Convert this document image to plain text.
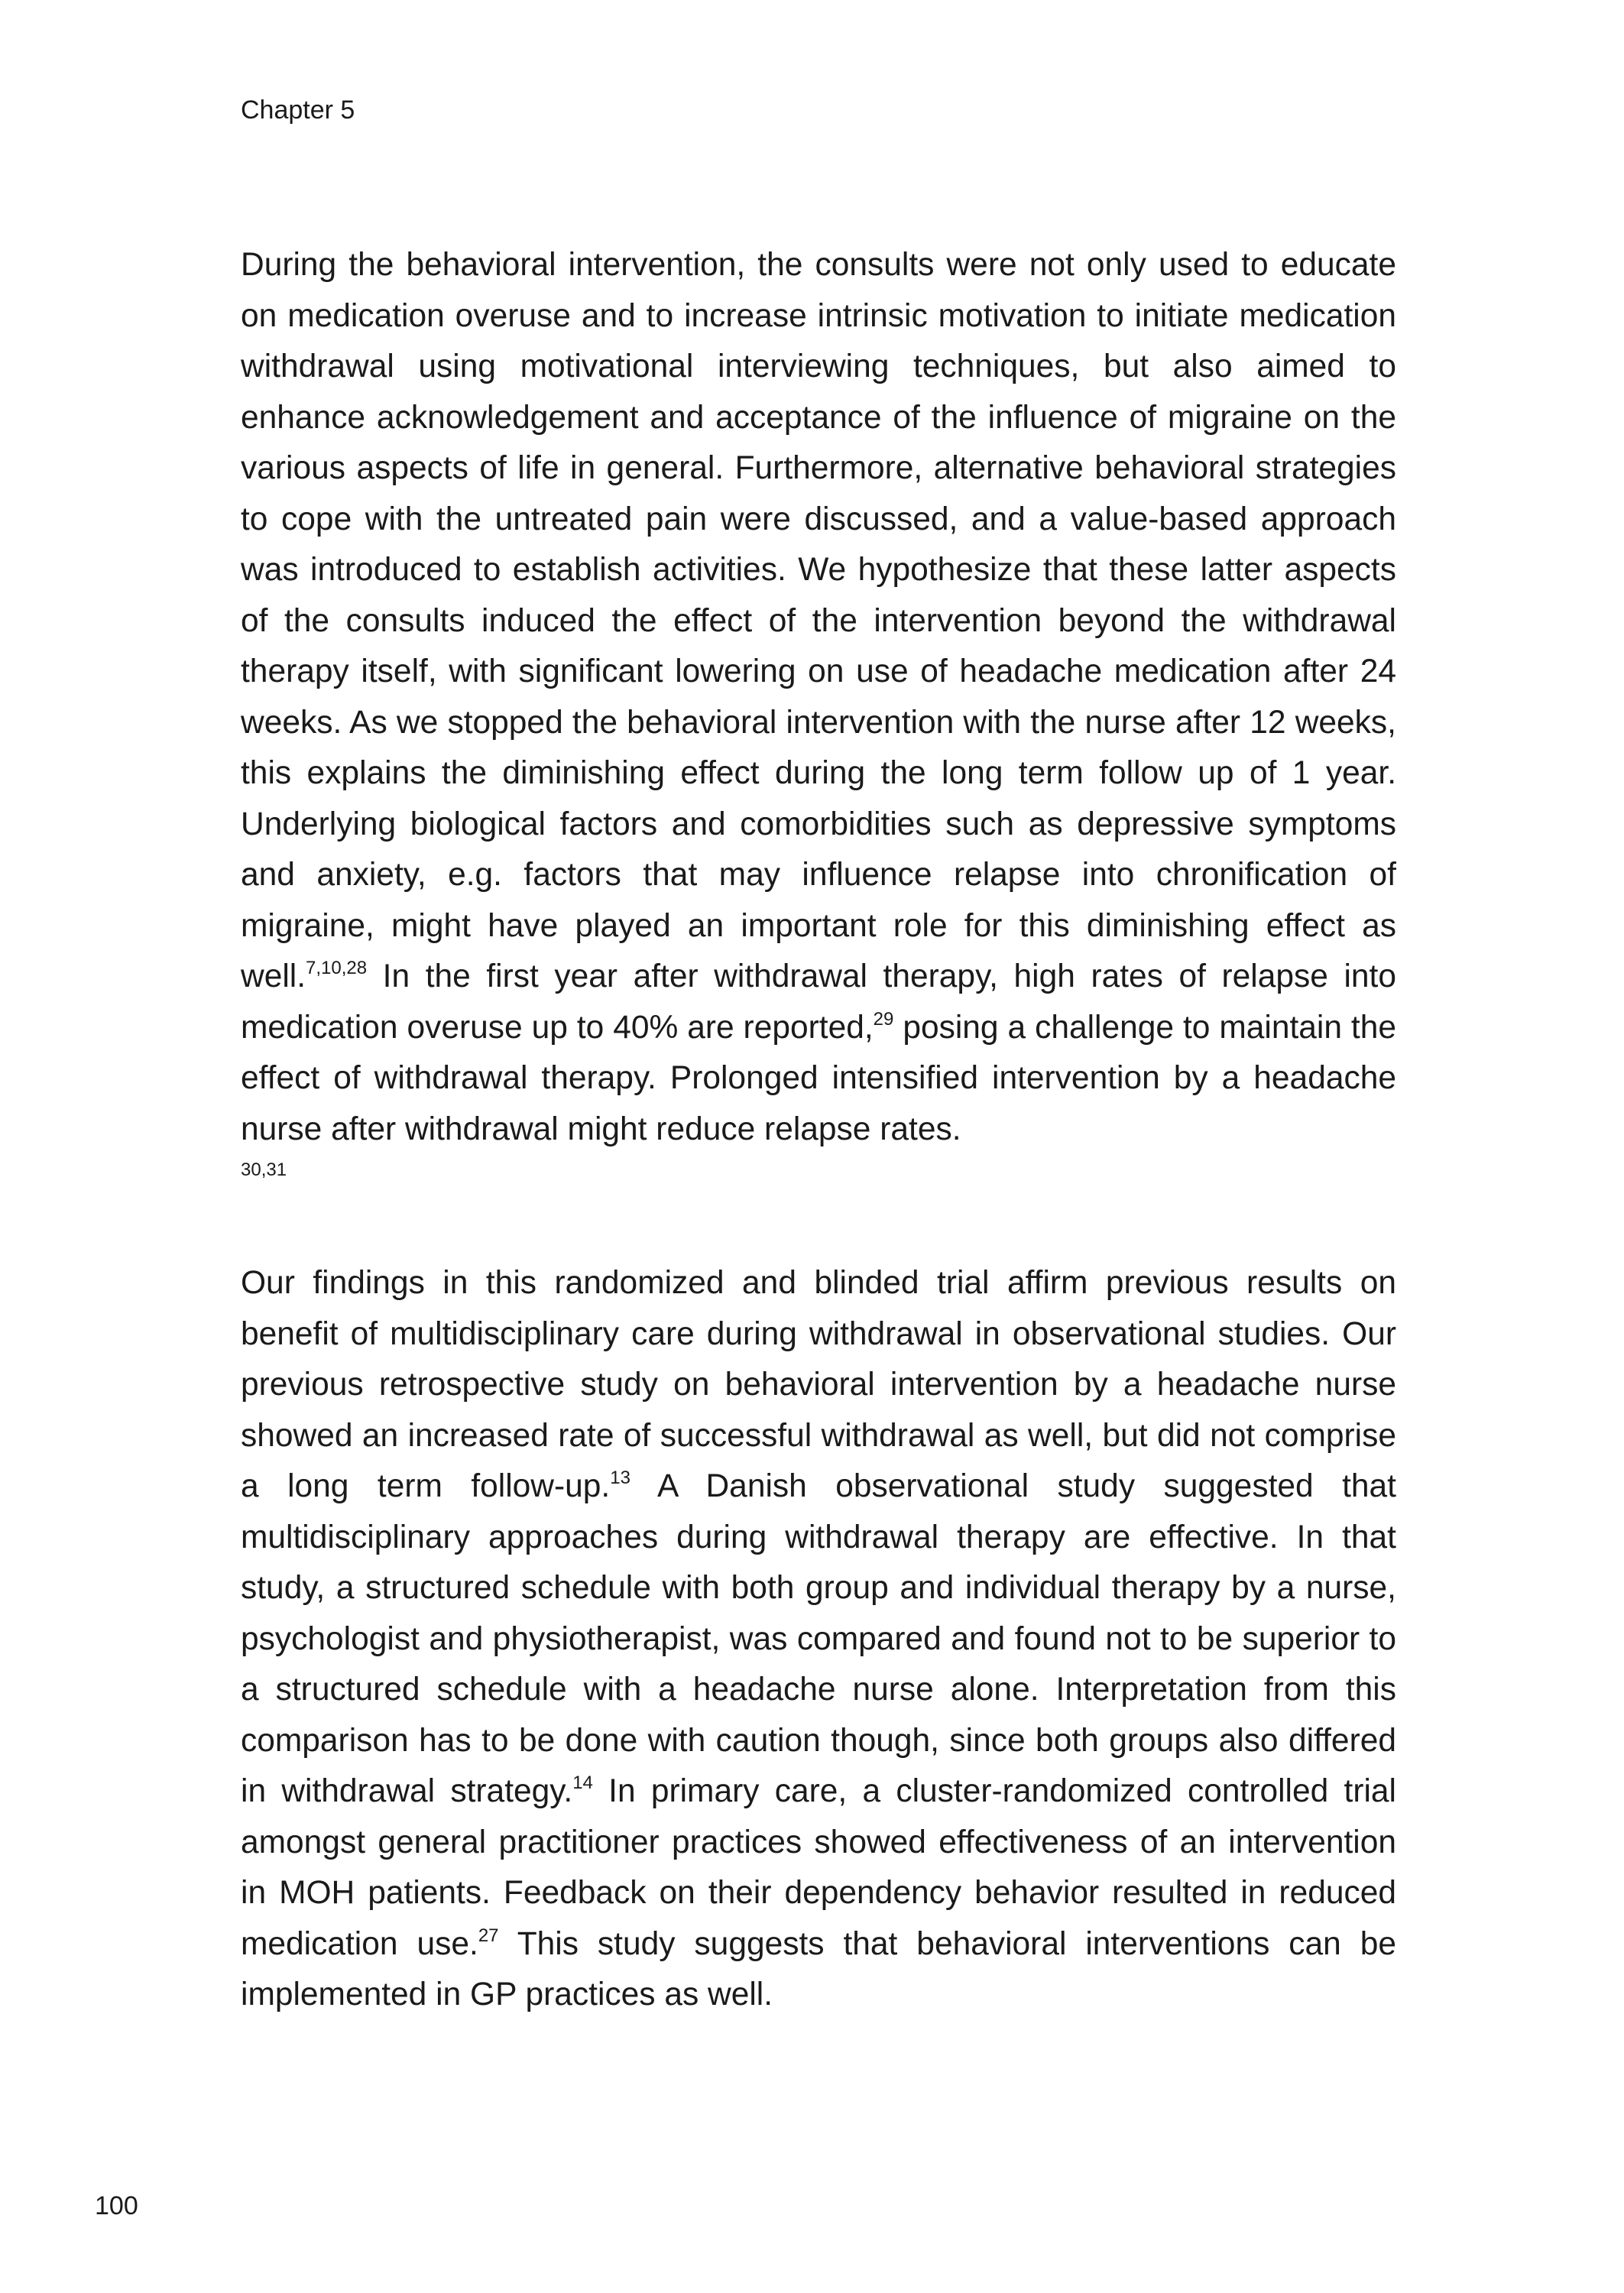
Chapter 5

During the behavioral intervention, the consults were not only used to educate on medication overuse and to increase intrinsic motivation to initiate medication withdrawal using motivational interviewing techniques, but also aimed to enhance acknowledgement and acceptance of the influence of migraine on the various aspects of life in general. Furthermore, alternative behavioral strategies to cope with the untreated pain were discussed, and a value-based approach was introduced to establish activities. We hypothesize that these latter aspects of the consults induced the effect of the intervention beyond the withdrawal therapy itself, with significant lowering on use of headache medication after 24 weeks. As we stopped the behavioral intervention with the nurse after 12 weeks, this explains the diminishing effect during the long term follow up of 1 year. Underlying biological factors and comorbidities such as depressive symptoms and anxiety, e.g. factors that may influence relapse into chronification of migraine, might have played an important role for this diminishing effect as well.$^{7,10,28}$ In the first year after withdrawal therapy, high rates of relapse into medication overuse up to 40% are reported,$^{29}$ posing a challenge to maintain the effect of withdrawal therapy. Prolonged intensified intervention by a headache nurse after withdrawal might reduce relapse rates.
30,31

Our findings in this randomized and blinded trial affirm previous results on benefit of multidisciplinary care during withdrawal in observational studies. Our previous retrospective study on behavioral intervention by a headache nurse showed an increased rate of successful withdrawal as well, but did not comprise a long term follow-up.$^{13}$ A Danish observational study suggested that multidisciplinary approaches during withdrawal therapy are effective. In that study, a structured schedule with both group and individual therapy by a nurse, psychologist and physiotherapist, was compared and found not to be superior to a structured schedule with a headache nurse alone. Interpretation from this comparison has to be done with caution though, since both groups also differed in withdrawal strategy.$^{14}$ In primary care, a cluster-randomized controlled trial amongst general practitioner practices showed effectiveness of an intervention in MOH patients. Feedback on their dependency behavior resulted in reduced medication use.$^{27}$ This study suggests that behavioral interventions can be implemented in GP practices as well.

100
